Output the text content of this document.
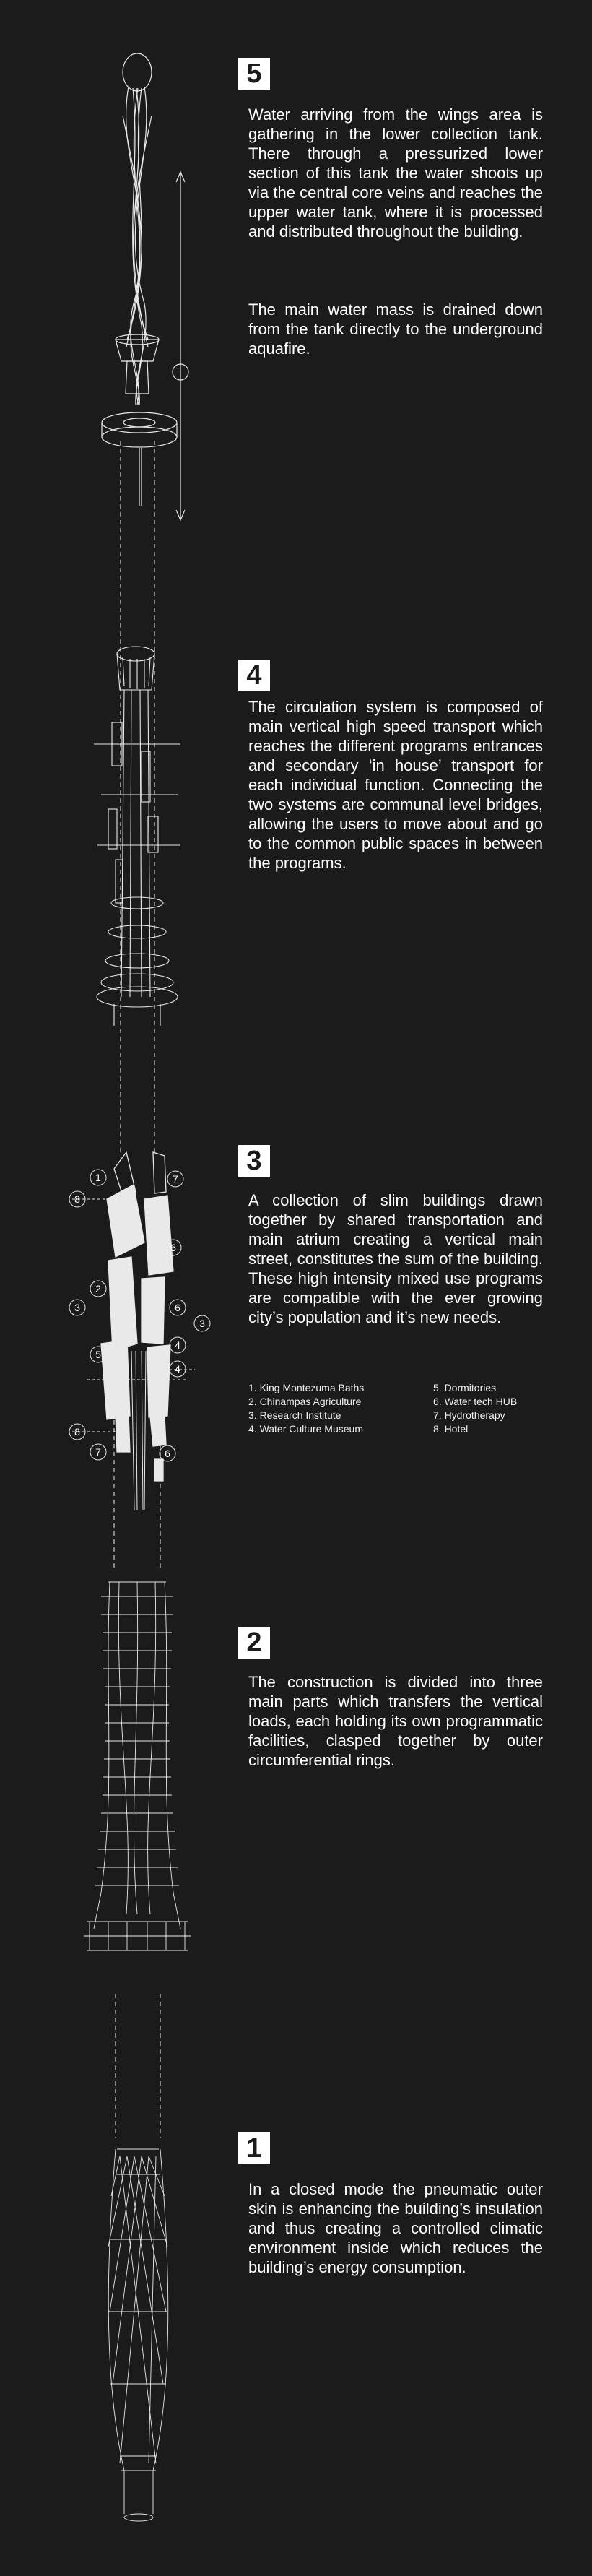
1	7
8
6
2
3	6
3
4
5
4
8
7	6
5

Water arriving from the wings area is gathering in the lower collection tank. There through a pressurized lower section of this tank the water shoots up via the central core veins and reaches the upper water tank, where it is processed and distributed throughout the building.

The main water mass is drained down from the tank directly to the underground aquafire.

4

The circulation system is composed of main vertical high speed transport which reaches the different programs entrances and secondary ‘in house’ transport for each individual function. Connecting the two systems are communal level bridges, allowing the users to move about and go to the common public spaces in between the programs.

3

A collection of slim buildings drawn together by shared transportation and main atrium creating a vertical main street, constitutes the sum of the building. These high intensity mixed use programs are compatible with the ever growing city’s population and it’s new needs.

1. King Montezuma Baths
2. Chinampas Agriculture
3. Research Institute
4. Water Culture Museum
5. Dormitories
6. Water tech HUB
7. Hydrotherapy
8. Hotel
2

The construction is divided into three main parts which transfers the vertical loads, each holding its own programmatic facilities, clasped together by outer circumferential rings.

1

In a closed mode the pneumatic outer skin is enhancing the building’s insulation and thus creating a controlled climatic environment inside which reduces the building’s energy consumption.
